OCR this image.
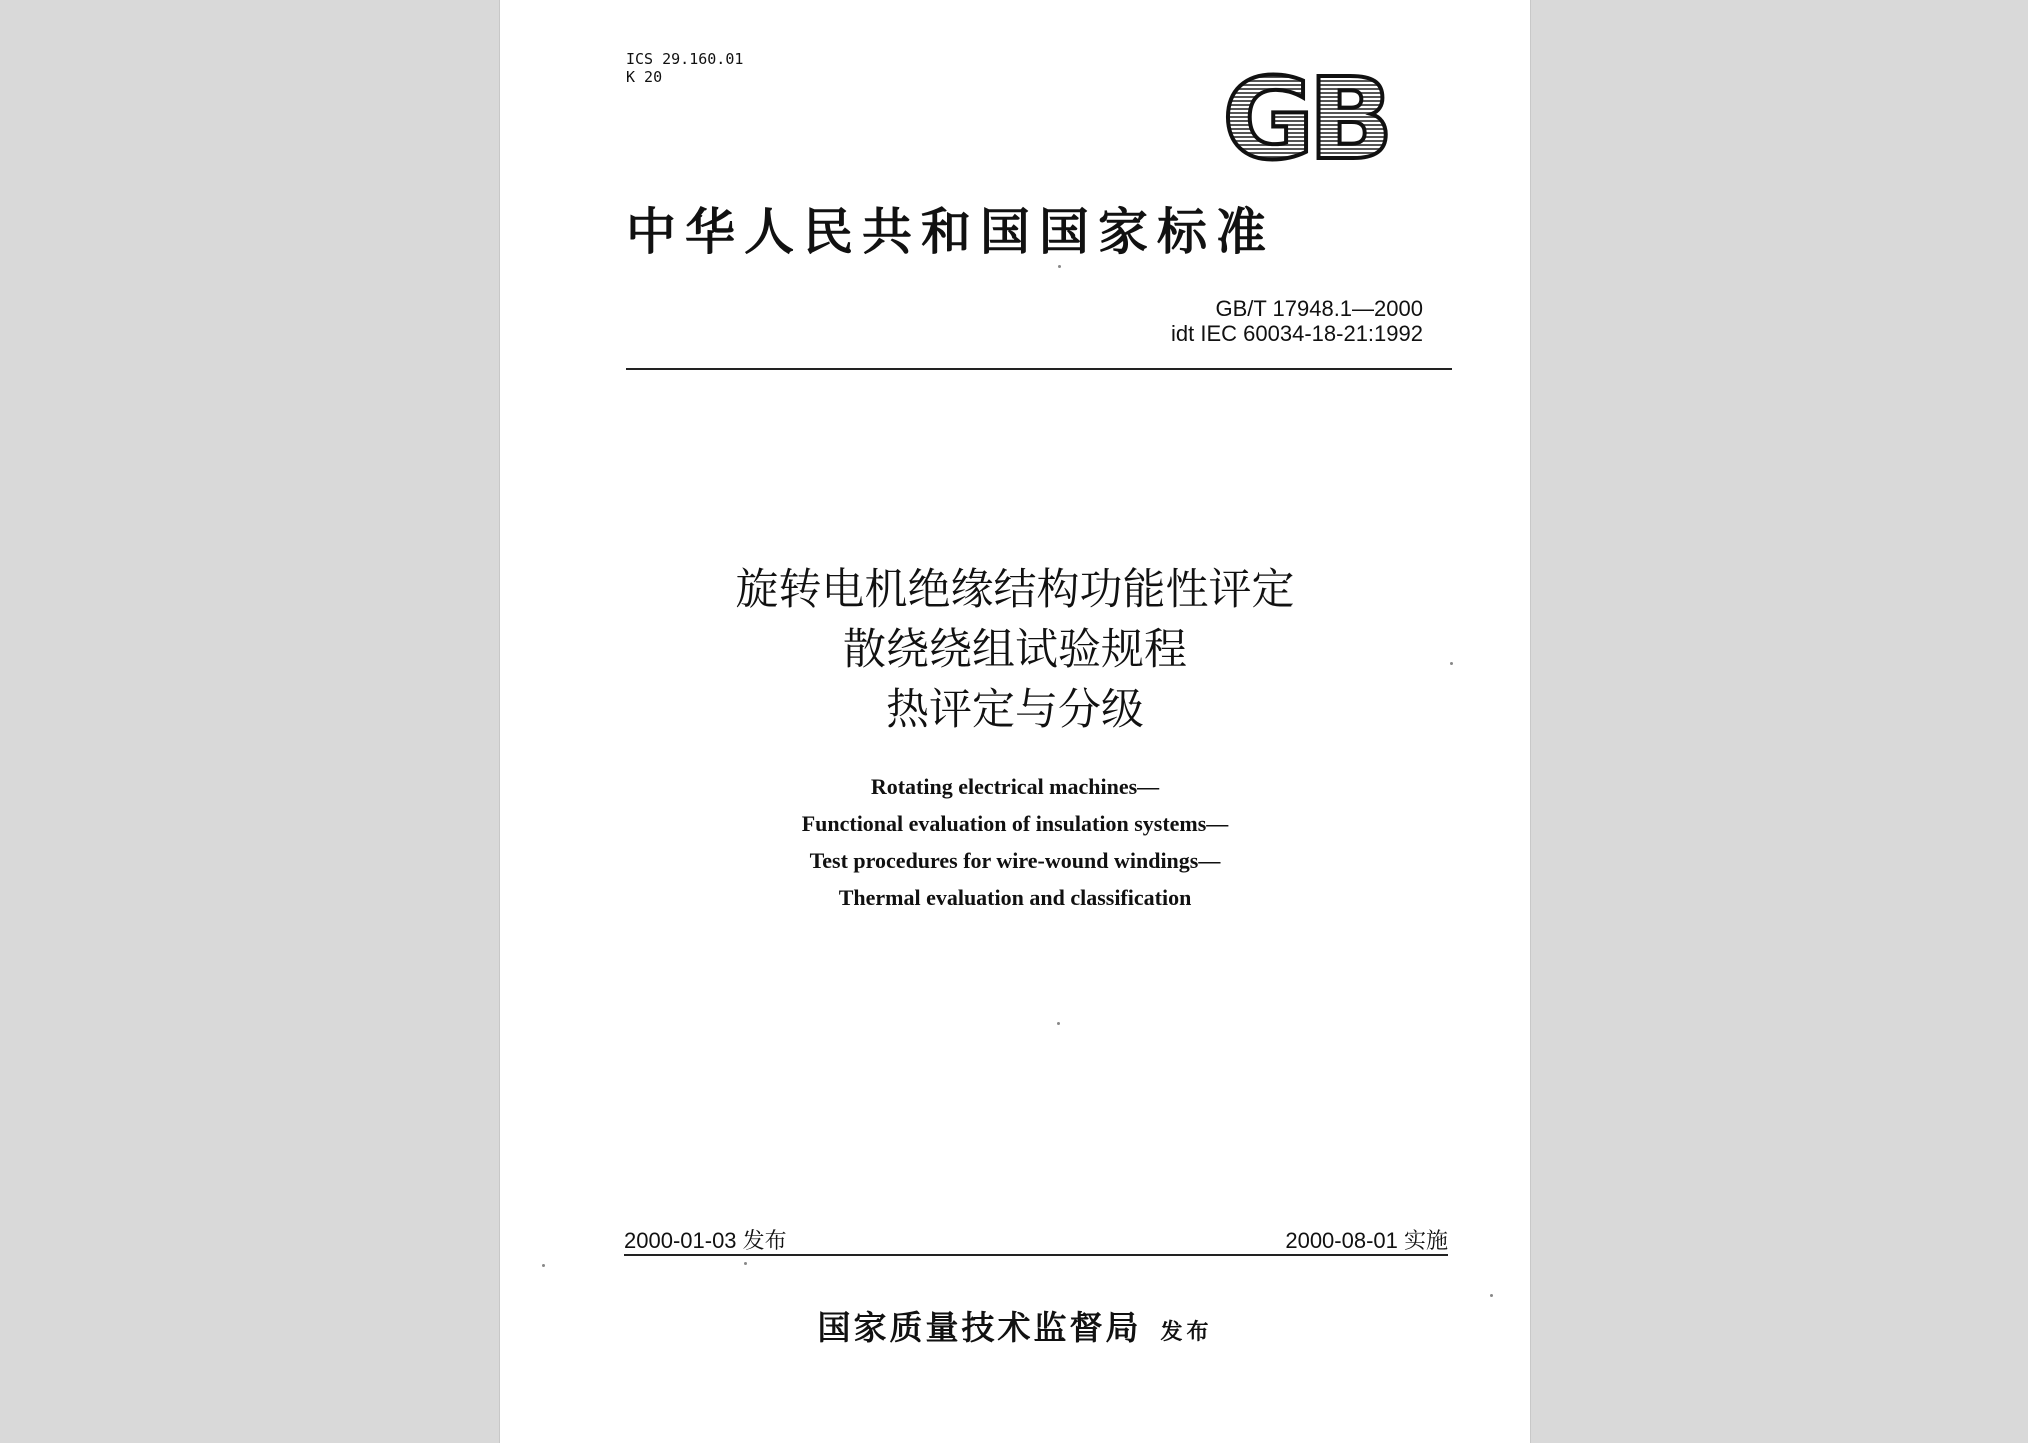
ICS 29.160.01
K 20	GB
中华人民共和国国家标准
GB/T 17948.1—2000
idt IEC 60034-18-21:1992
旋转电机绝缘结构功能性评定
散绕绕组试验规程
热评定与分级
Rotating electrical machines—
Functional evaluation of insulation systems—
Test procedures for wire-wound windings—
Thermal evaluation and classification
2000-01-03 发布	2000-08-01 实施
国家质量技术监督局 发布
